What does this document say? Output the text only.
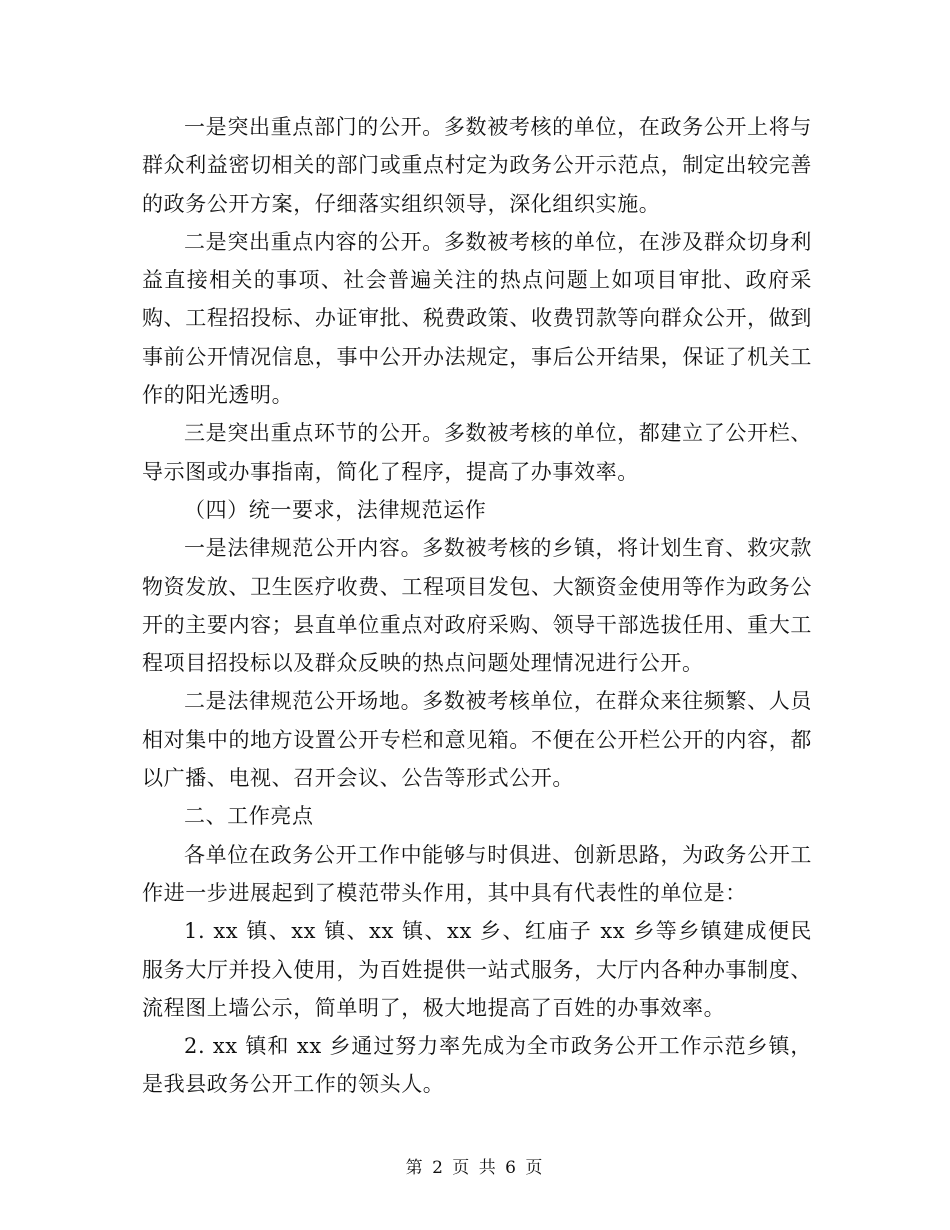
一是突出重点部门的公开。多数被考核的单位，在政务公开上将与群众利益密切相关的部门或重点村定为政务公开示范点，制定出较完善的政务公开方案，仔细落实组织领导，深化组织实施。

二是突出重点内容的公开。多数被考核的单位，在涉及群众切身利益直接相关的事项、社会普遍关注的热点问题上如项目审批、政府采购、工程招投标、办证审批、税费政策、收费罚款等向群众公开，做到事前公开情况信息，事中公开办法规定，事后公开结果，保证了机关工作的阳光透明。

三是突出重点环节的公开。多数被考核的单位，都建立了公开栏、导示图或办事指南，简化了程序，提高了办事效率。

（四）统一要求，法律规范运作

一是法律规范公开内容。多数被考核的乡镇，将计划生育、救灾款物资发放、卫生医疗收费、工程项目发包、大额资金使用等作为政务公开的主要内容；县直单位重点对政府采购、领导干部选拔任用、重大工程项目招投标以及群众反映的热点问题处理情况进行公开。

二是法律规范公开场地。多数被考核单位，在群众来往频繁、人员相对集中的地方设置公开专栏和意见箱。不便在公开栏公开的内容，都以广播、电视、召开会议、公告等形式公开。

二、工作亮点

各单位在政务公开工作中能够与时俱进、创新思路，为政务公开工作进一步进展起到了模范带头作用，其中具有代表性的单位是：

1. xx 镇、xx 镇、xx 镇、xx 乡、红庙子 xx 乡等乡镇建成便民服务大厅并投入使用，为百姓提供一站式服务，大厅内各种办事制度、流程图上墙公示，简单明了，极大地提高了百姓的办事效率。

2. xx 镇和 xx 乡通过努力率先成为全市政务公开工作示范乡镇，是我县政务公开工作的领头人。

第 2 页 共 6 页
